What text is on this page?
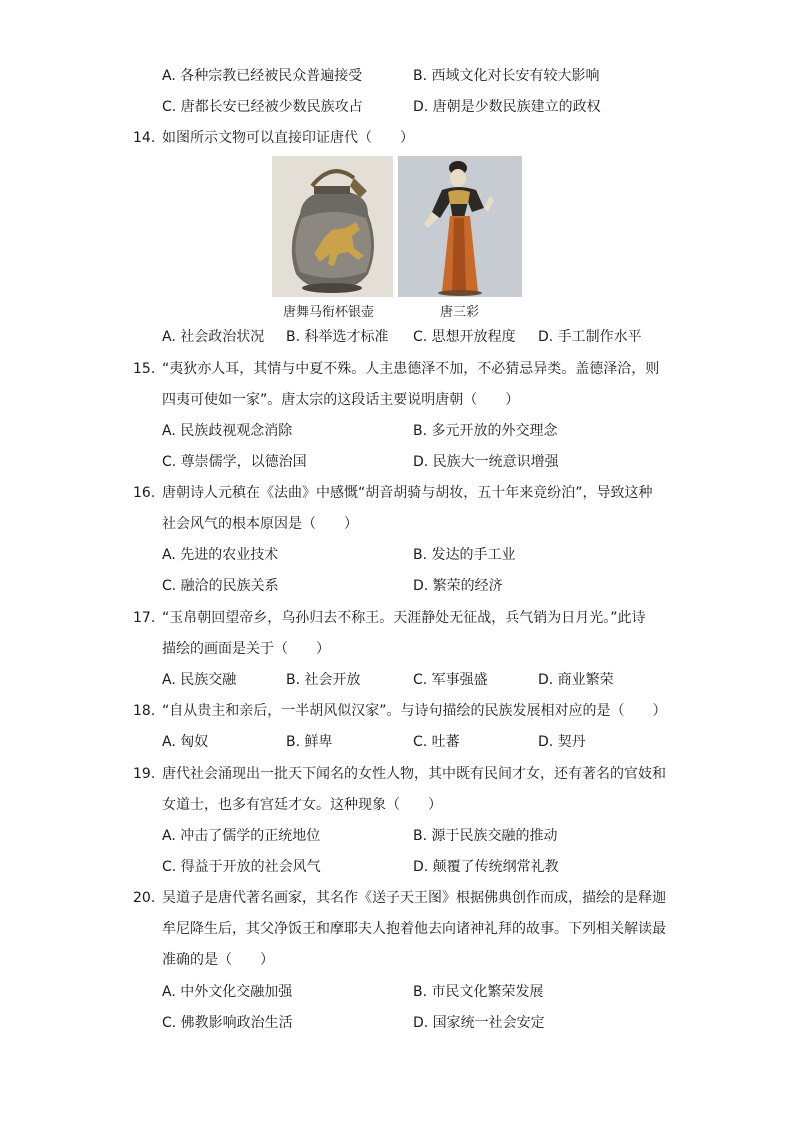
A. 各种宗教已经被民众普遍接受	B. 西域文化对长安有较大影响
C. 唐都长安已经被少数民族攻占	D. 唐朝是少数民族建立的政权
14. 如图所示文物可以直接印证唐代（　　）
唐舞马衔杯银壶	唐三彩
A. 社会政治状况 B. 科举选才标准 C. 思想开放程度 D. 手工制作水平
15. “夷狄亦人耳，其情与中夏不殊。人主患德泽不加，不必猜忌异类。盖德泽洽，则
四夷可使如一家”。唐太宗的这段话主要说明唐朝（　　）
A. 民族歧视观念消除	B. 多元开放的外交理念
C. 尊崇儒学，以德治国	D. 民族大一统意识增强
16. 唐朝诗人元稹在《法曲》中感慨“胡音胡骑与胡妆，五十年来竞纷泊”，导致这种
社会风气的根本原因是（　　）
A. 先进的农业技术	B. 发达的手工业
C. 融洽的民族关系	D. 繁荣的经济
17. “玉帛朝回望帝乡，乌孙归去不称王。天涯静处无征战，兵气销为日月光。”此诗
描绘的画面是关于（　　）
A. 民族交融	B. 社会开放	C. 军事强盛	D. 商业繁荣
18. “自从贵主和亲后，一半胡风似汉家”。与诗句描绘的民族发展相对应的是（　　）
A. 匈奴	B. 鲜卑	C. 吐蕃	D. 契丹
19. 唐代社会涌现出一批天下闻名的女性人物，其中既有民间才女，还有著名的官妓和
女道士，也多有宫廷才女。这种现象（　　）
A. 冲击了儒学的正统地位	B. 源于民族交融的推动
C. 得益于开放的社会风气	D. 颠覆了传统纲常礼教
20. 吴道子是唐代著名画家，其名作《送子天王图》根据佛典创作而成，描绘的是释迦
牟尼降生后，其父净饭王和摩耶夫人抱着他去向诸神礼拜的故事。下列相关解读最
准确的是（　　）
A. 中外文化交融加强	B. 市民文化繁荣发展
C. 佛教影响政治生活	D. 国家统一社会安定
